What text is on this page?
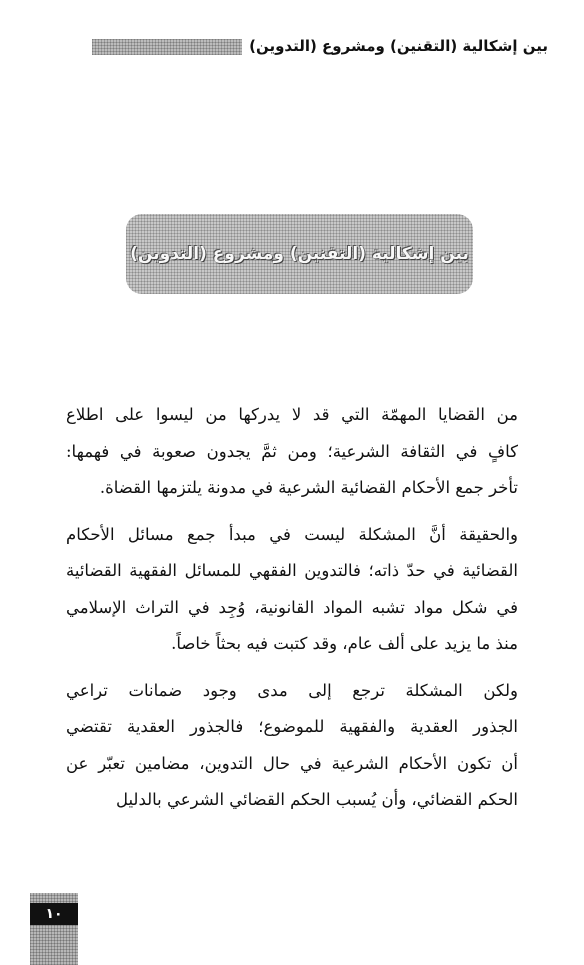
بين إشكالية (التقنين) ومشروع (التدوين)
بين إشكالية (التقنين) ومشروع (التدوين)

من القضايا المهمّة التي قد لا يدركها من ليسوا على اطلاع

كافٍ في الثقافة الشرعية؛ ومن ثمَّ يجدون صعوبة في فهمها:

تأخر جمع الأحكام القضائية الشرعية في مدونة يلتزمها القضاة.

والحقيقة أنَّ المشكلة ليست في مبدأ جمع مسائل الأحكام

القضائية في حدّ ذاته؛ فالتدوين الفقهي للمسائل الفقهية القضائية

في شكل مواد تشبه المواد القانونية، وُجِد في التراث الإسلامي

منذ ما يزيد على ألف عام، وقد كتبت فيه بحثاً خاصاً.

ولكن المشكلة ترجع إلى مدى وجود ضمانات تراعي

الجذور العقدية والفقهية للموضوع؛ فالجذور العقدية تقتضي

أن تكون الأحكام الشرعية في حال التدوين، مضامين تعبّر عن

الحكم القضائي، وأن يُسبب الحكم القضائي الشرعي بالدليل

١٠
